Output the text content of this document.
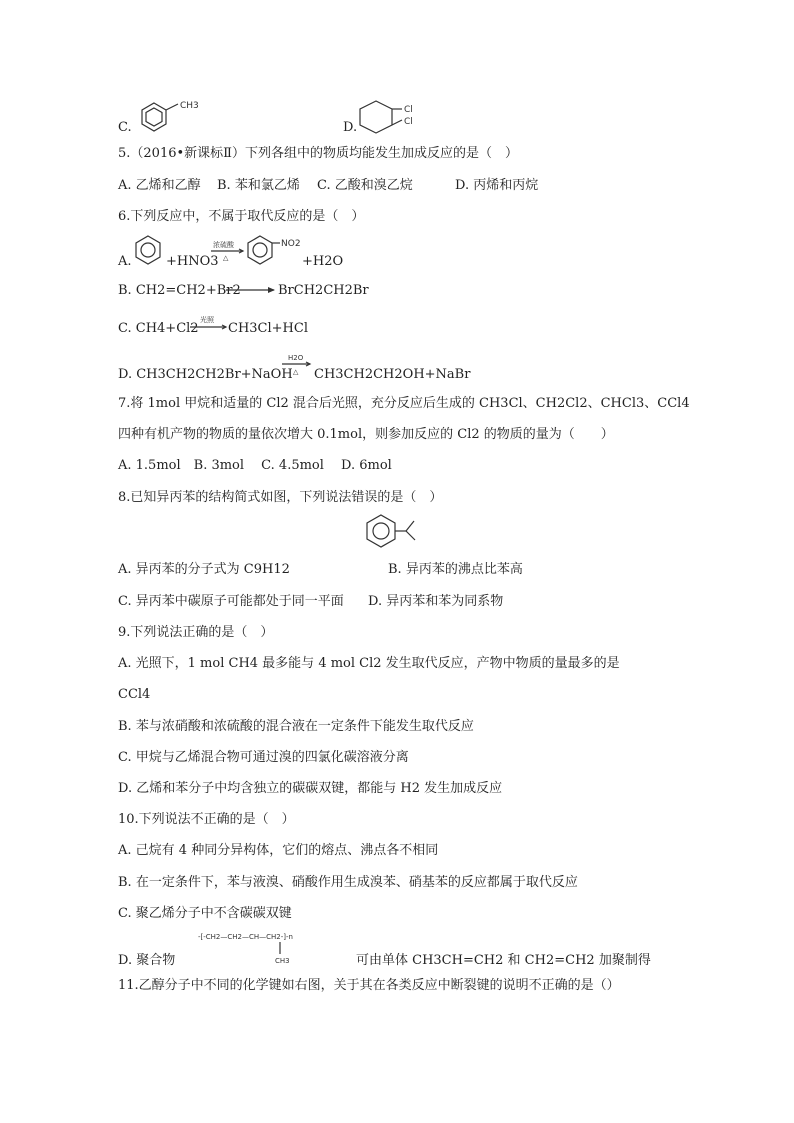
C.
CH3
D.
Cl
Cl
5.（2016•新课标Ⅱ）下列各组中的物质均能发生加成反应的是（　）
A. 乙烯和乙醇 B. 苯和氯乙烯 C. 乙酸和溴乙烷	D. 丙烯和丙烷
6.下列反应中，不属于取代反应的是（　）
A.	+HNO3
浓硫酸
△
NO2
+H2O
B. CH2=CH2+Br2	BrCH2CH2Br
C. CH4+Cl2
光照
CH3Cl+HCl
D. CH3CH2CH2Br+NaOH
H2O
△ CH3CH2CH2OH+NaBr
7.将 1mol 甲烷和适量的 Cl2 混合后光照，充分反应后生成的 CH3Cl、CH2Cl2、CHCl3、CCl4
四种有机产物的物质的量依次增大 0.1mol，则参加反应的 Cl2 的物质的量为（　　）
A. 1.5mol　B. 3mol　 C. 4.5mol　 D. 6mol
8.已知异丙苯的结构简式如图，下列说法错误的是（　）
A. 异丙苯的分子式为 C9H12	B. 异丙苯的沸点比苯高
C. 异丙苯中碳原子可能都处于同一平面 D. 异丙苯和苯为同系物
9.下列说法正确的是（　）
A. 光照下，1 mol CH4 最多能与 4 mol Cl2 发生取代反应，产物中物质的量最多的是
CCl4
B. 苯与浓硝酸和浓硫酸的混合液在一定条件下能发生取代反应
C. 甲烷与乙烯混合物可通过溴的四氯化碳溶液分离
D. 乙烯和苯分子中均含独立的碳碳双键，都能与 H2 发生加成反应
10.下列说法不正确的是（　）
A. 己烷有 4 种同分异构体，它们的熔点、沸点各不相同
B. 在一定条件下，苯与液溴、硝酸作用生成溴苯、硝基苯的反应都属于取代反应
C. 聚乙烯分子中不含碳碳双键
D. 聚合物
-[-CH2—CH2—CH—CH2-]-n
CH3	可由单体 CH3CH=CH2 和 CH2=CH2 加聚制得
11.乙醇分子中不同的化学键如右图，关于其在各类反应中断裂键的说明不正确的是（）
